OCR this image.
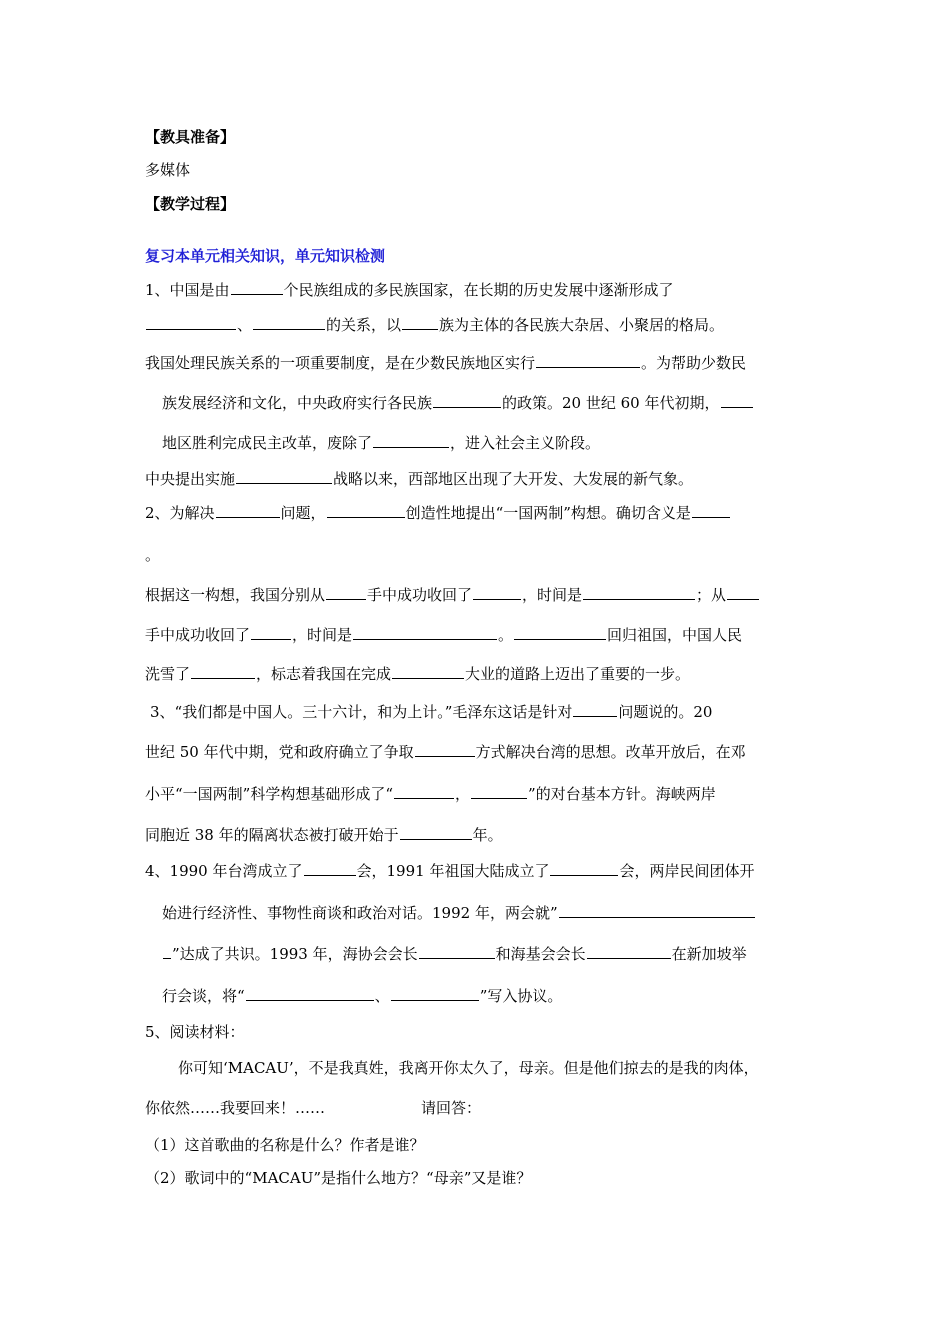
【教具准备】
多媒体
【教学过程】
复习本单元相关知识，单元知识检测
1、中国是由	个民族组成的多民族国家，在长期的历史发展中逐渐形成了
、	的关系，以	族为主体的各民族大杂居、小聚居的格局。
我国处理民族关系的一项重要制度，是在少数民族地区实行	。为帮助少数民
族发展经济和文化，中央政府实行各民族	的政策。20 世纪 60 年代初期，
地区胜利完成民主改革，废除了	，进入社会主义阶段。
中央提出实施	战略以来，西部地区出现了大开发、大发展的新气象。
2、为解决	问题，	创造性地提出“一国两制”构想。确切含义是
。
根据这一构想，我国分别从	手中成功收回了	，时间是	；从
手中成功收回了	，时间是	。	回归祖国，中国人民
洗雪了	，标志着我国在完成	大业的道路上迈出了重要的一步。
3、“我们都是中国人。三十六计，和为上计。”毛泽东这话是针对	问题说的。20
世纪 50 年代中期，党和政府确立了争取	方式解决台湾的思想。改革开放后，在邓
小平“一国两制”科学构想基础形成了“	，	”的对台基本方针。海峡两岸
同胞近 38 年的隔离状态被打破开始于	年。
4、1990 年台湾成立了	会，1991 年祖国大陆成立了	会，两岸民间团体开
始进行经济性、事物性商谈和政治对话。1992 年，两会就”
”达成了共识。1993 年，海协会会长	和海基会会长	在新加坡举
行会谈，将“	、	”写入协议。
5、阅读材料：
你可知‘MACAU’，不是我真姓，我离开你太久了，母亲。但是他们掠去的是我的肉体，
你依然……我要回来！……	请回答：
（1）这首歌曲的名称是什么？作者是谁？
（2）歌词中的“MACAU”是指什么地方？“母亲”又是谁？
